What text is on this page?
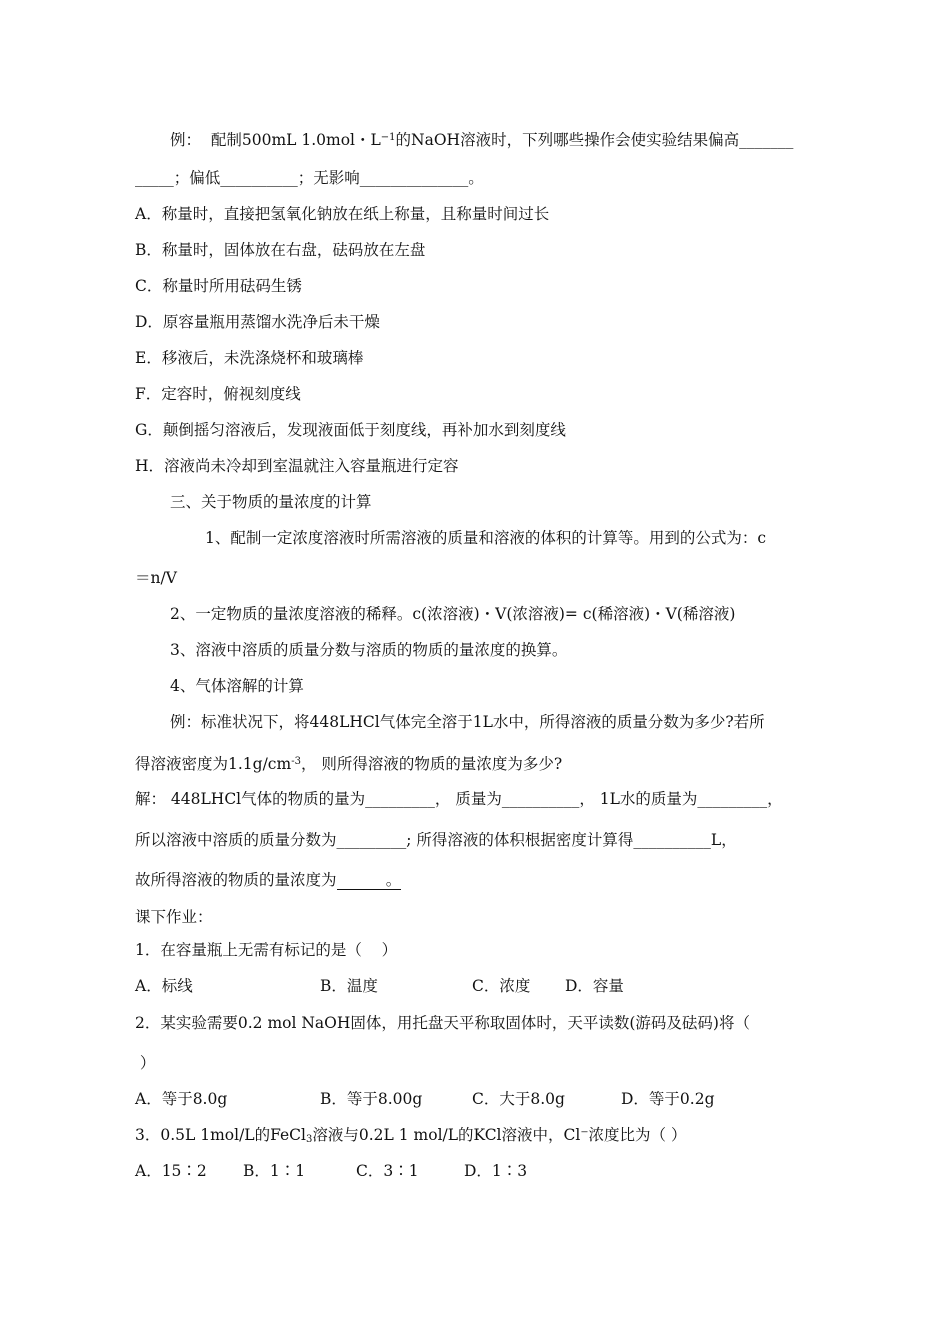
例：  配制500mL 1.0mol・$L^{-1}$的NaOH溶液时，下列哪些操作会使实验结果偏高_______
_____；偏低__________；无影响______________。
A．称量时，直接把氢氧化钠放在纸上称量，且称量时间过长
B．称量时，固体放在右盘，砝码放在左盘
C．称量时所用砝码生锈
D．原容量瓶用蒸馏水洗净后未干燥
E．移液后，未洗涤烧杯和玻璃棒
F．定容时，俯视刻度线
G．颠倒摇匀溶液后，发现液面低于刻度线，再补加水到刻度线
H．溶液尚未冷却到室温就注入容量瓶进行定容
三、关于物质的量浓度的计算
1、配制一定浓度溶液时所需溶液的质量和溶液的体积的计算等。用到的公式为：c
＝n/V
2、一定物质的量浓度溶液的稀释。c(浓溶液)・V(浓溶液)= c(稀溶液)・V(稀溶液)
3、溶液中溶质的质量分数与溶质的物质的量浓度的换算。
4、气体溶解的计算
例：标准状况下，将448LHCl气体完全溶于1L水中，所得溶液的质量分数为多少?若所
得溶液密度为$1.1g/cm^{-3}$， 则所得溶液的物质的量浓度为多少?
解： 448LHCl气体的物质的量为_________， 质量为__________， 1L水的质量为_________，
所以溶液中溶质的质量分数为_________; 所得溶液的体积根据密度计算得__________L，
故所得溶液的物质的量浓度为          。
课下作业：
1．在容量瓶上无需有标记的是（    ）
A．标线	B．温度	C．浓度 D．容量
2．某实验需要0.2 mol NaOH固体，用托盘天平称取固体时，天平读数(游码及砝码)将（
）
A．等于8.0g	B．等于8.00g	C．大于8.0g	D．等于0.2g
3．0.5L 1mol/L的FeCl$_3$溶液与0.2L 1 mol/L的KCl溶液中，Cl⁻浓度比为（ ）
A．15∶2 B．1∶1	C．3∶1	D．1∶3
